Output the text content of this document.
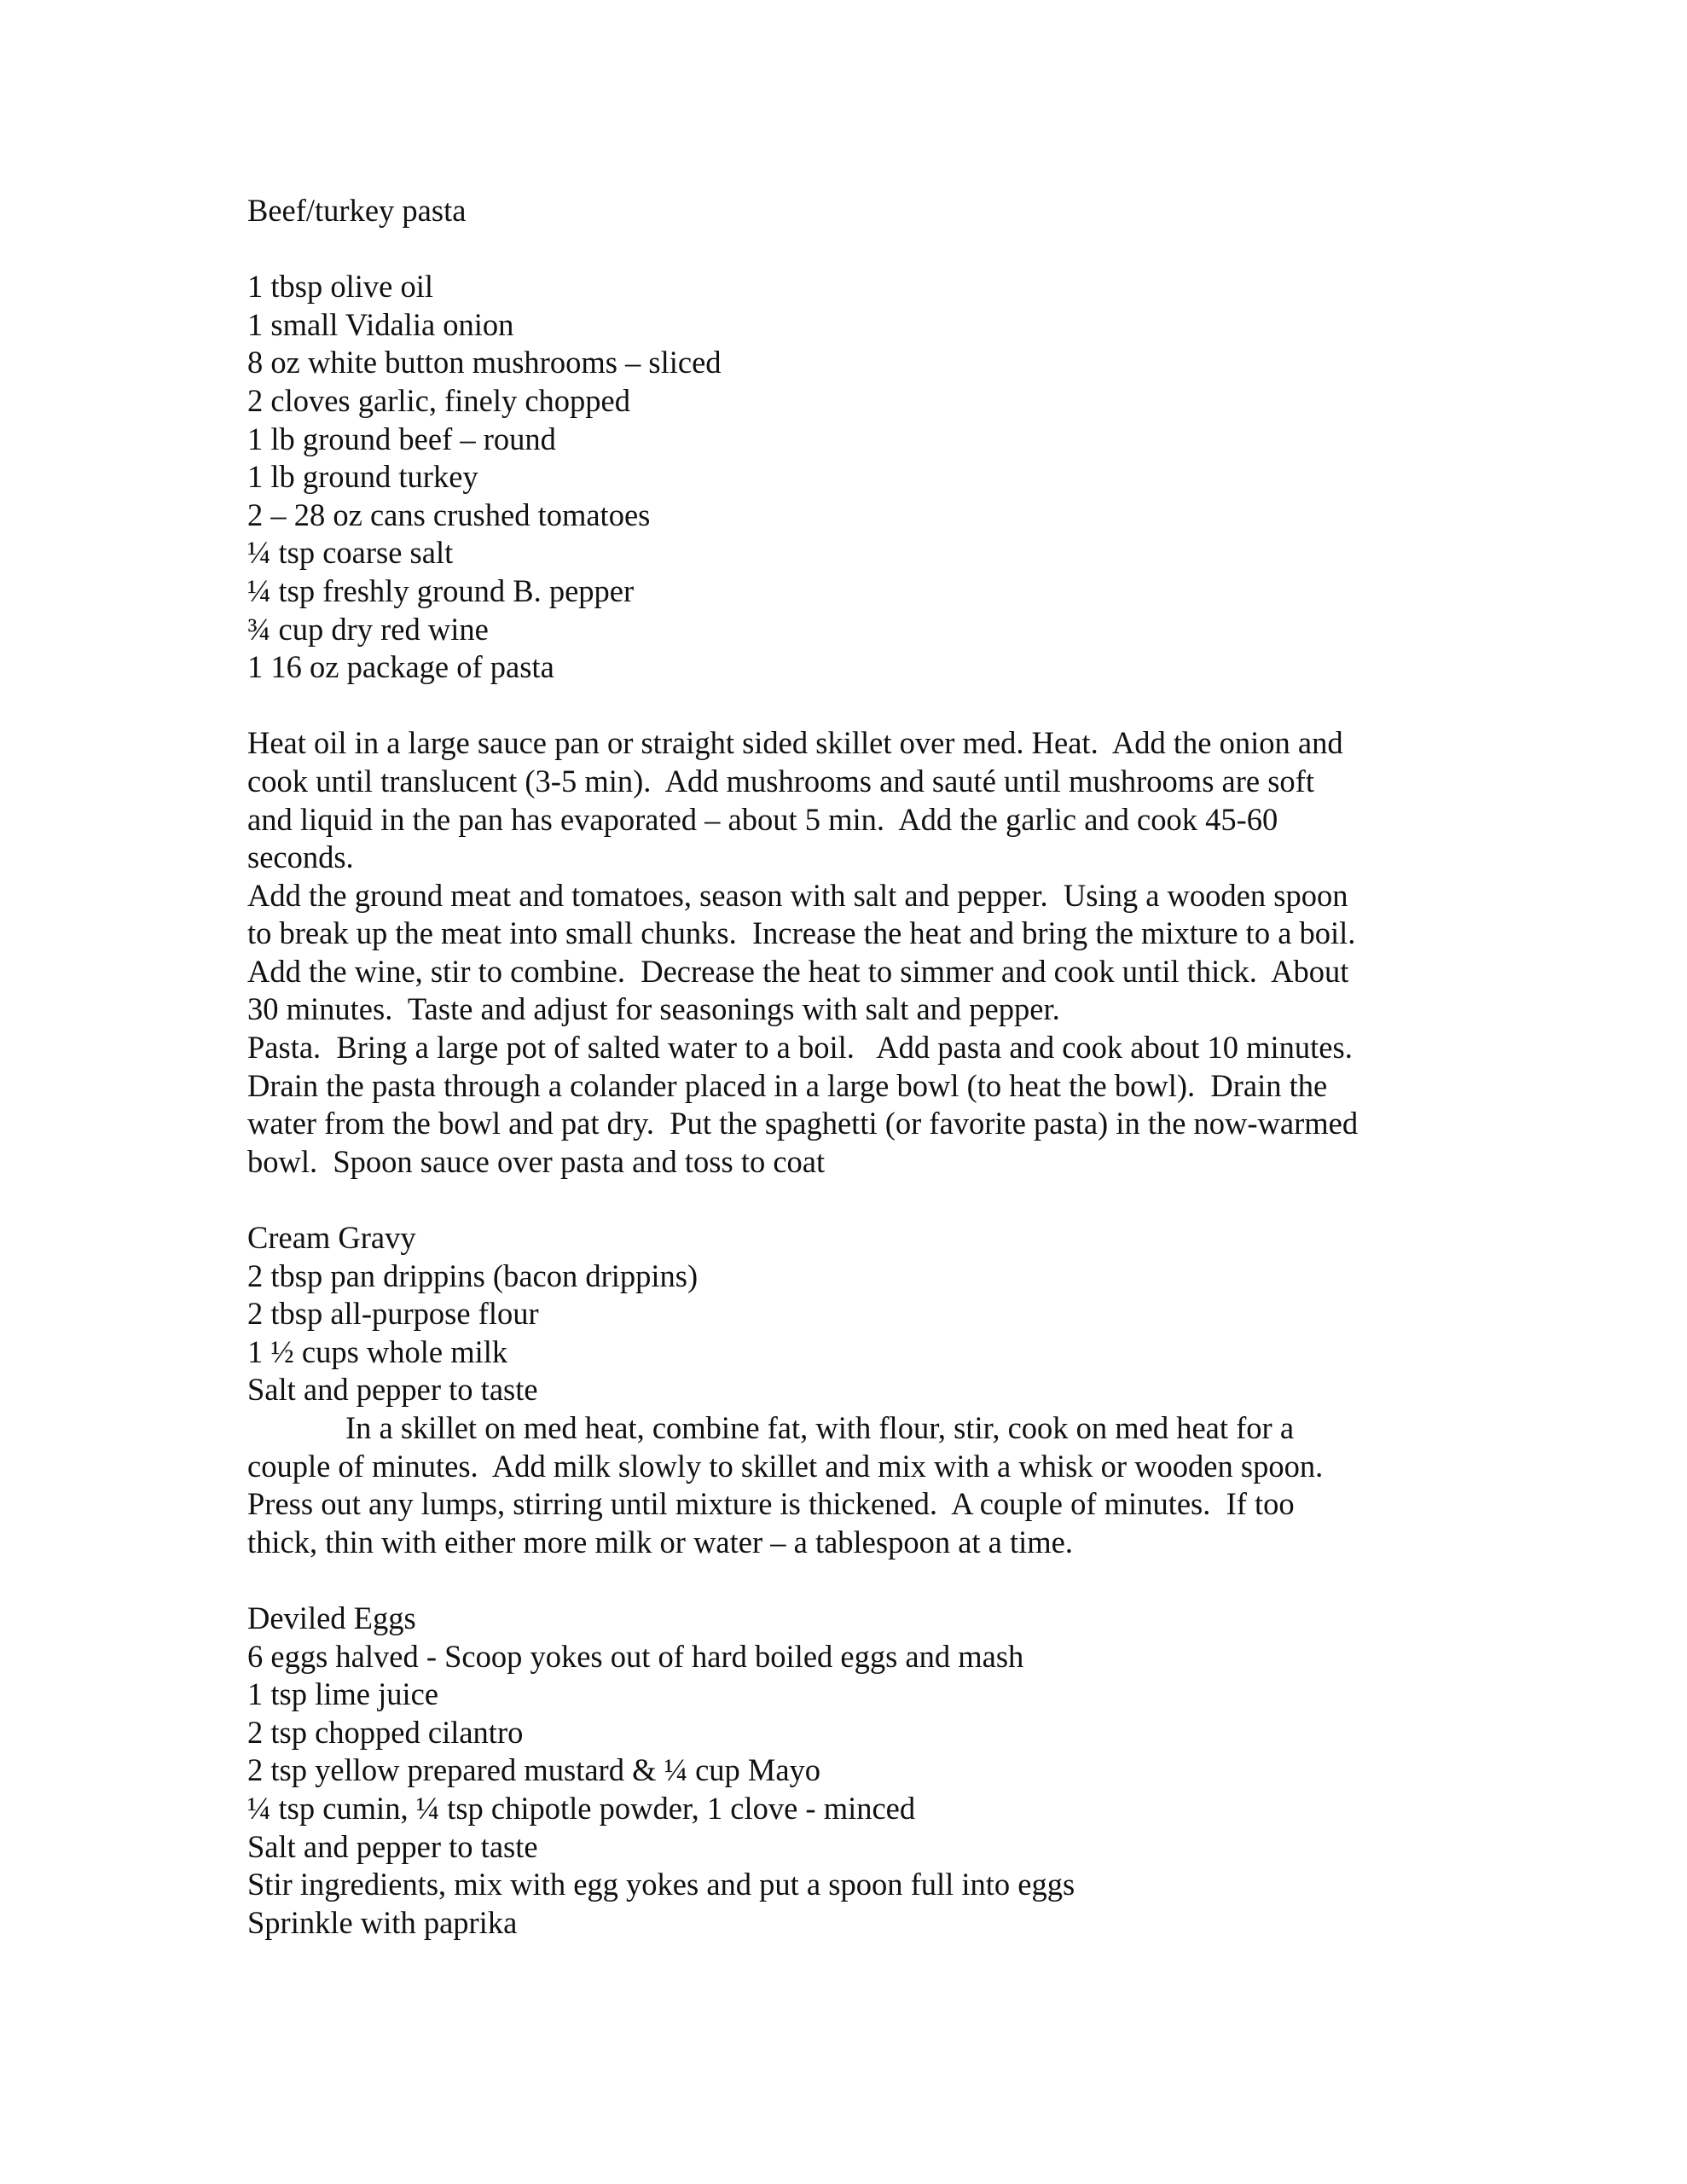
Beef/turkey pasta
1 tbsp olive oil
1 small Vidalia onion
8 oz white button mushrooms – sliced
2 cloves garlic, finely chopped
1 lb ground beef – round
1 lb ground turkey
2 – 28 oz cans crushed tomatoes
¼ tsp coarse salt
¼ tsp freshly ground B. pepper
¾ cup dry red wine
1 16 oz package of pasta
Heat oil in a large sauce pan or straight sided skillet over med. Heat.  Add the onion and
cook until translucent (3-5 min).  Add mushrooms and sauté until mushrooms are soft
and liquid in the pan has evaporated – about 5 min.  Add the garlic and cook 45-60
seconds.
Add the ground meat and tomatoes, season with salt and pepper.  Using a wooden spoon
to break up the meat into small chunks.  Increase the heat and bring the mixture to a boil.
Add the wine, stir to combine.  Decrease the heat to simmer and cook until thick.  About
30 minutes.  Taste and adjust for seasonings with salt and pepper.
Pasta.  Bring a large pot of salted water to a boil.   Add pasta and cook about 10 minutes.
Drain the pasta through a colander placed in a large bowl (to heat the bowl).  Drain the
water from the bowl and pat dry.  Put the spaghetti (or favorite pasta) in the now-warmed
bowl.  Spoon sauce over pasta and toss to coat
Cream Gravy
2 tbsp pan drippins (bacon drippins)
2 tbsp all-purpose flour
1 ½ cups whole milk
Salt and pepper to taste
In a skillet on med heat, combine fat, with flour, stir, cook on med heat for a
couple of minutes.  Add milk slowly to skillet and mix with a whisk or wooden spoon.
Press out any lumps, stirring until mixture is thickened.  A couple of minutes.  If too
thick, thin with either more milk or water – a tablespoon at a time.
Deviled Eggs
6 eggs halved - Scoop yokes out of hard boiled eggs and mash
1 tsp lime juice
2 tsp chopped cilantro
2 tsp yellow prepared mustard & ¼ cup Mayo
¼ tsp cumin, ¼ tsp chipotle powder, 1 clove - minced
Salt and pepper to taste
Stir ingredients, mix with egg yokes and put a spoon full into eggs
Sprinkle with paprika
